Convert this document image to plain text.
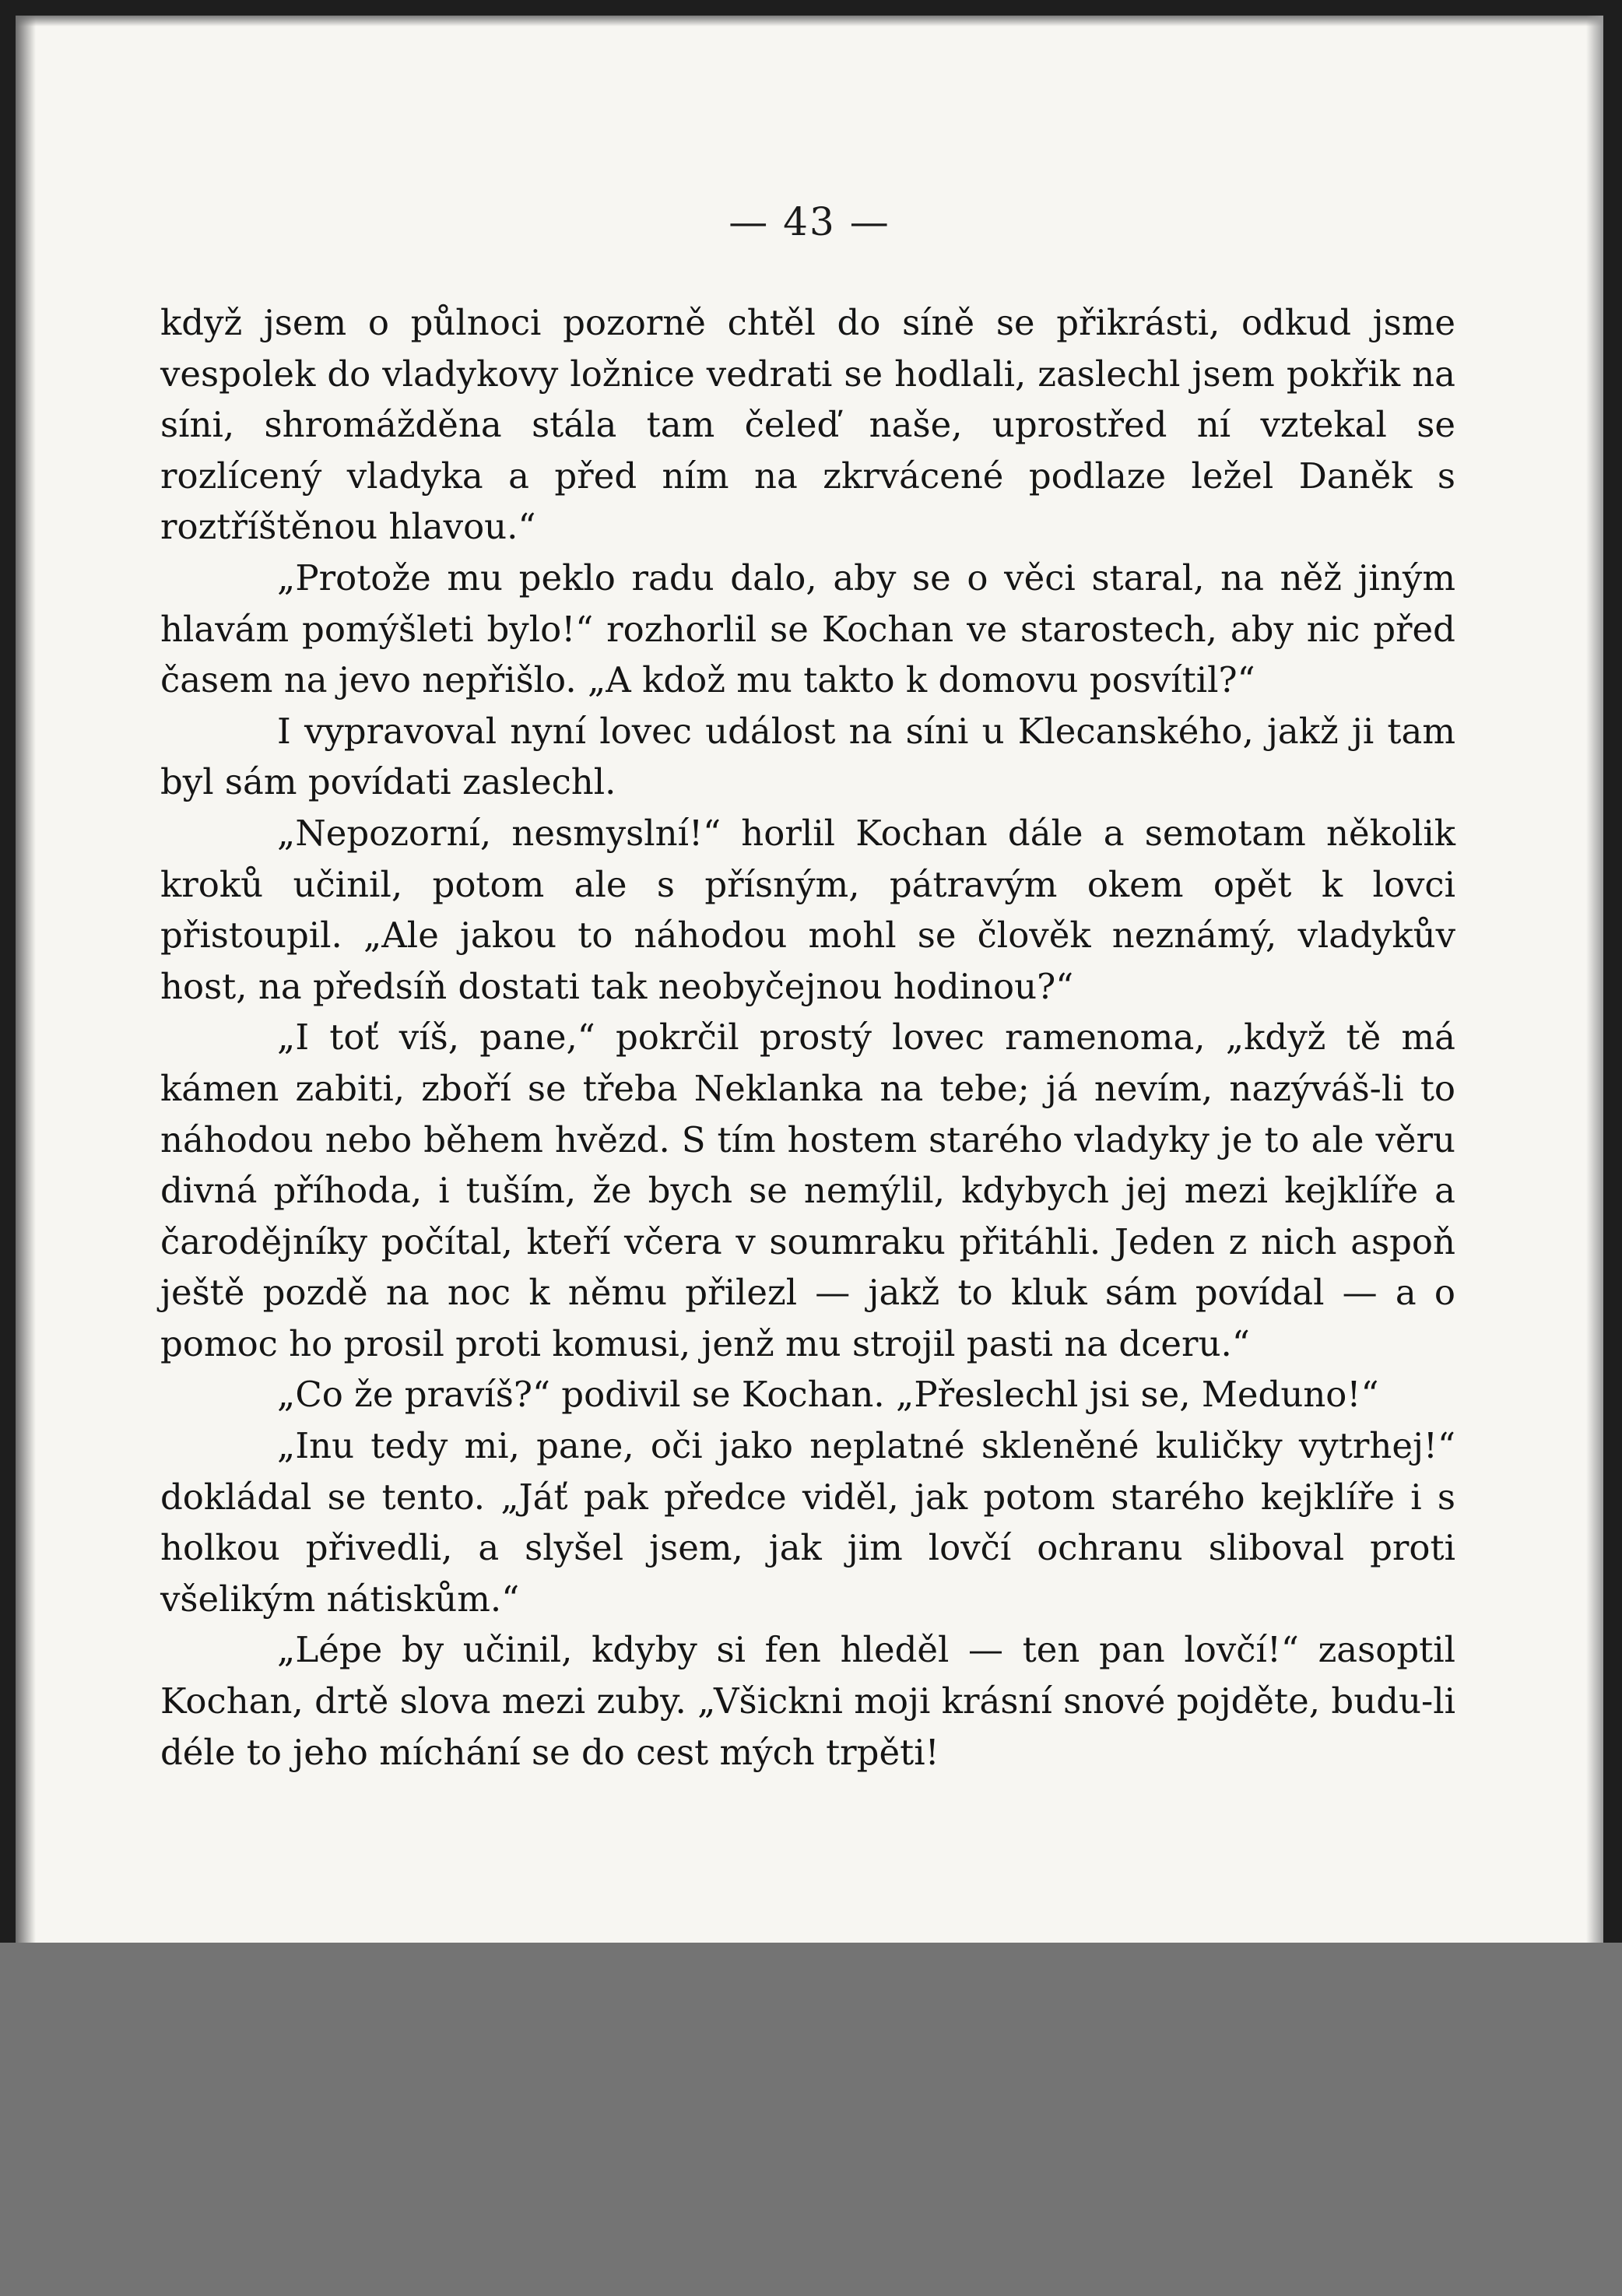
— 43 —

když jsem o půlnoci pozorně chtěl do síně se přikrásti, odkud jsme vespolek do vladykovy ložnice vedrati se hodlali, zaslechl jsem pokřik na síni, shromážděna stála tam čeleď naše, uprostřed ní vztekal se rozlícený vladyka a před ním na zkrvácené podlaze ležel Daněk s roztříštěnou hlavou.“

„Protože mu peklo radu dalo, aby se o věci staral, na něž jiným hlavám pomýšleti bylo!“ rozhorlil se Kochan ve starostech, aby nic před časem na jevo nepřišlo. „A kdož mu takto k domovu posvítil?“

I vypravoval nyní lovec událost na síni u Klecanského, jakž ji tam byl sám povídati zaslechl.

„Nepozorní, nesmyslní!“ horlil Kochan dále a semotam několik kroků učinil, potom ale s přísným, pátravým okem opět k lovci přistoupil. „Ale jakou to náhodou mohl se člověk neznámý, vladykův host, na předsíň dostati tak neobyčejnou hodinou?“

„I toť víš, pane,“ pokrčil prostý lovec ramenoma, „když tě má kámen zabiti, zboří se třeba Neklanka na tebe; já nevím, nazýváš-li to náhodou nebo během hvězd. S tím hostem starého vladyky je to ale věru divná příhoda, i tuším, že bych se nemýlil, kdybych jej mezi kejklíře a čarodějníky počítal, kteří včera v soumraku přitáhli. Jeden z nich aspoň ještě pozdě na noc k němu přilezl — jakž to kluk sám povídal — a o pomoc ho prosil proti komusi, jenž mu strojil pasti na dceru.“

„Co že pravíš?“ podivil se Kochan. „Přeslechl jsi se, Meduno!“

„Inu tedy mi, pane, oči jako neplatné skleněné kuličky vytrhej!“ dokládal se tento. „Jáť pak předce viděl, jak potom starého kejklíře i s holkou přivedli, a slyšel jsem, jak jim lovčí ochranu sliboval proti všelikým nátiskům.“

„Lépe by učinil, kdyby si fen hleděl — ten pan lovčí!“ zasoptil Kochan, drtě slova mezi zuby. „Všickni moji krásní snové pojděte, budu-li déle to jeho míchání se do cest mých trpěti!
